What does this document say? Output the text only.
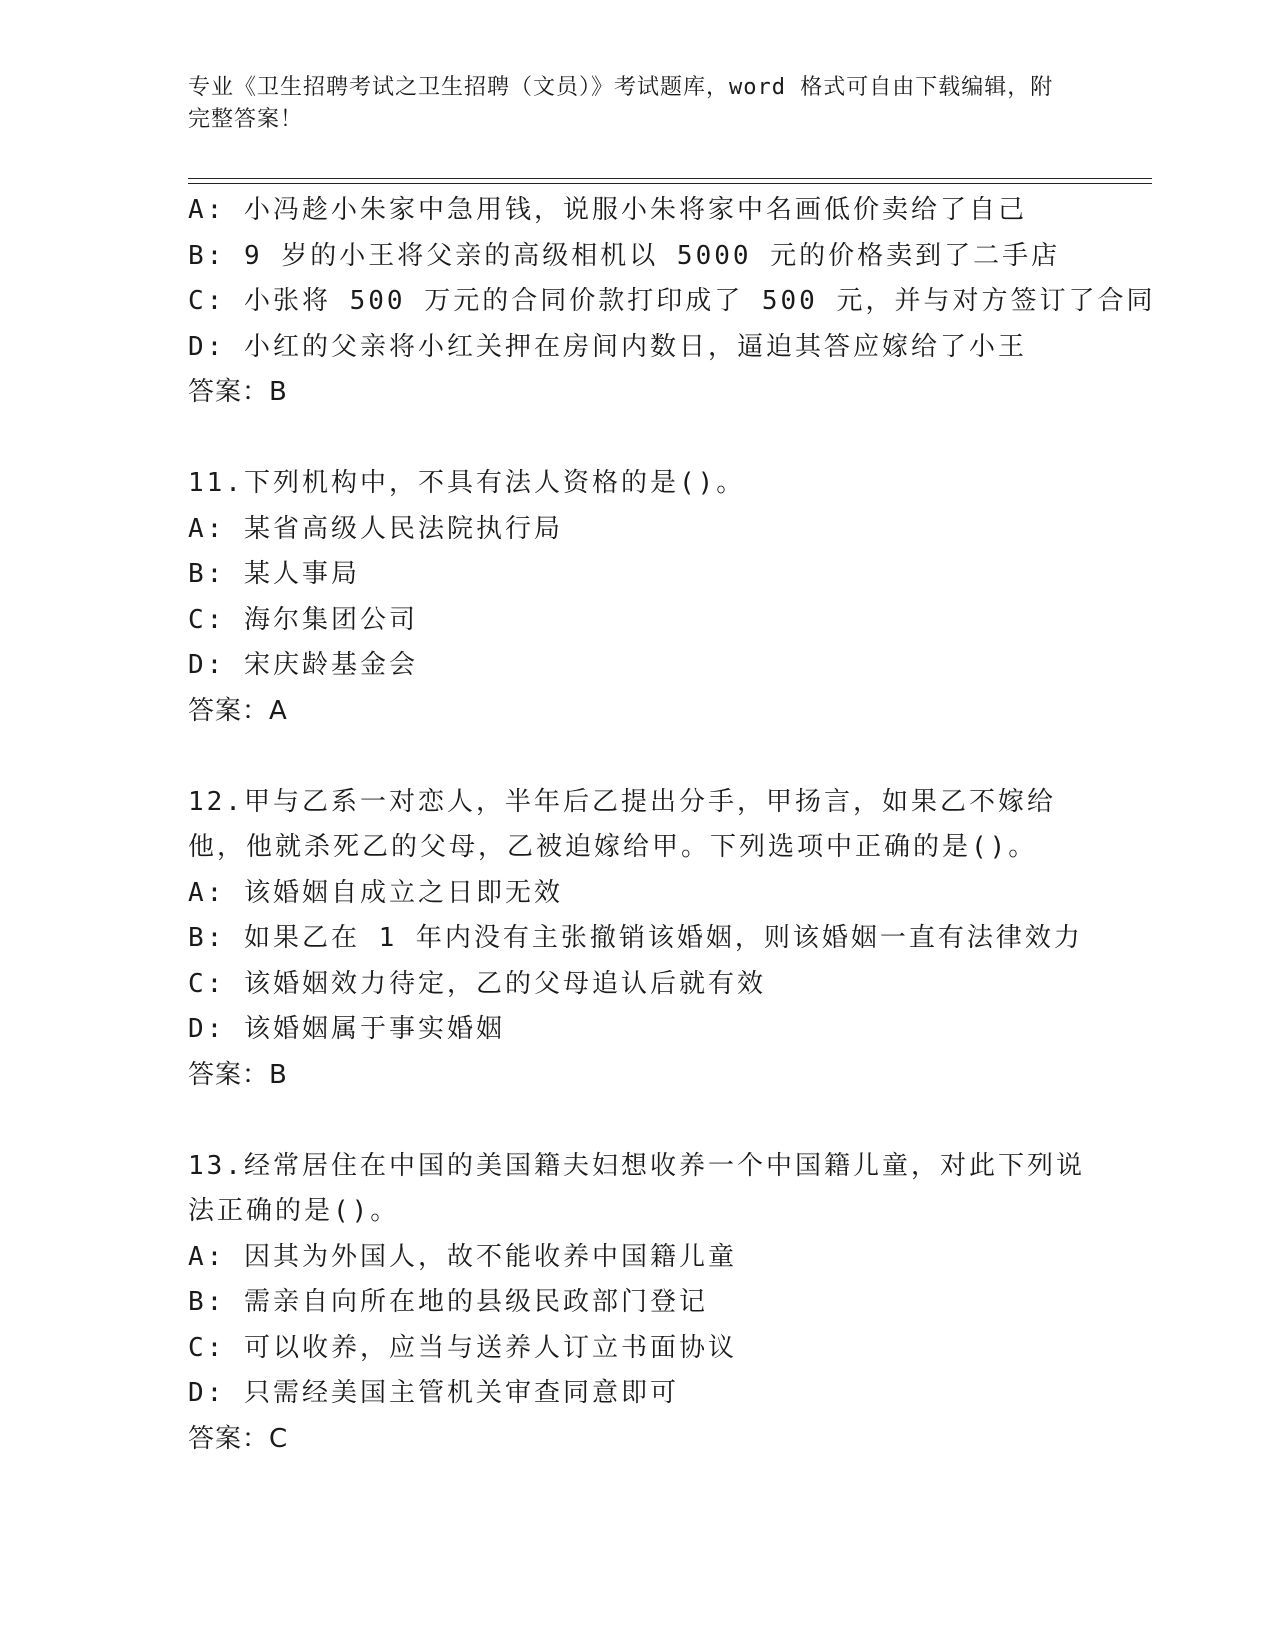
专业《卫生招聘考试之卫生招聘（文员）》考试题库，word 格式可自由下载编辑，附完整答案！
A: 小冯趁小朱家中急用钱，说服小朱将家中名画低价卖给了自己
B: 9 岁的小王将父亲的高级相机以 5000 元的价格卖到了二手店
C: 小张将 500 万元的合同价款打印成了 500 元，并与对方签订了合同
D: 小红的父亲将小红关押在房间内数日，逼迫其答应嫁给了小王
答案：B
11.下列机构中，不具有法人资格的是()。
A: 某省高级人民法院执行局
B: 某人事局
C: 海尔集团公司
D: 宋庆龄基金会
答案：A
12.甲与乙系一对恋人，半年后乙提出分手，甲扬言，如果乙不嫁给他，他就杀死乙的父母，乙被迫嫁给甲。下列选项中正确的是()。
A: 该婚姻自成立之日即无效
B: 如果乙在 1 年内没有主张撤销该婚姻，则该婚姻一直有法律效力
C: 该婚姻效力待定，乙的父母追认后就有效
D: 该婚姻属于事实婚姻
答案：B
13.经常居住在中国的美国籍夫妇想收养一个中国籍儿童，对此下列说法正确的是()。
A: 因其为外国人，故不能收养中国籍儿童
B: 需亲自向所在地的县级民政部门登记
C: 可以收养，应当与送养人订立书面协议
D: 只需经美国主管机关审查同意即可
答案：C
